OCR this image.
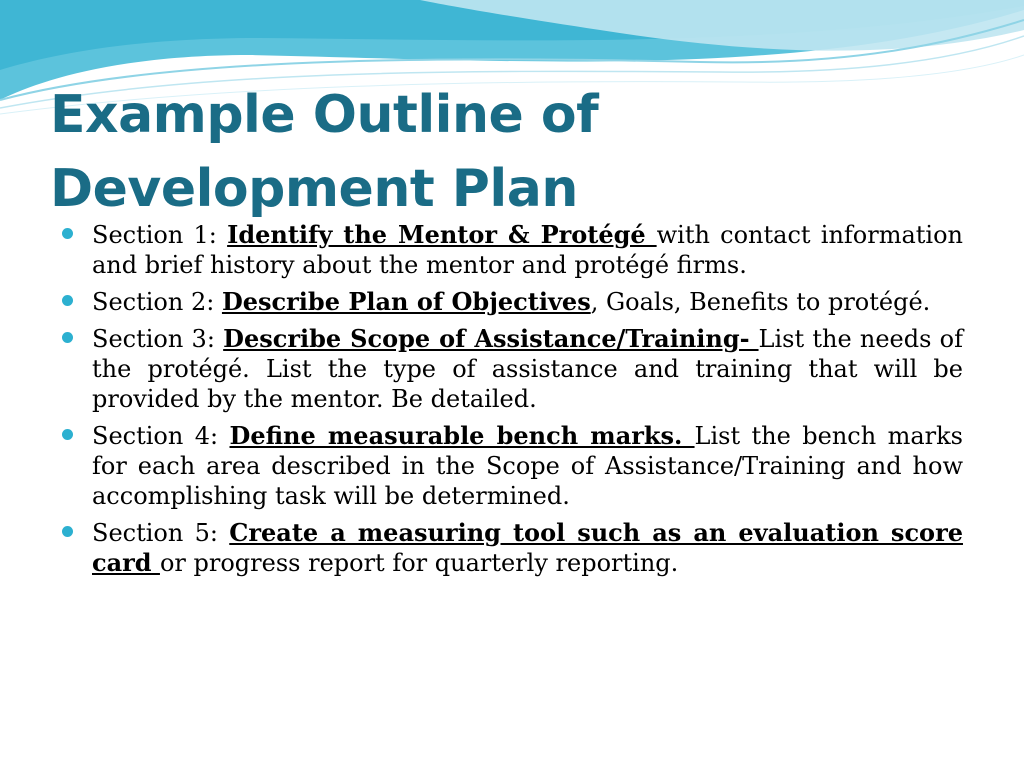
Example Outline of Development Plan
Section 1: Identify the Mentor & Protégé with contact information and brief history about the mentor and protégé firms.
Section 2: Describe Plan of Objectives, Goals, Benefits to protégé.
Section 3: Describe Scope of Assistance/Training- List the needs of the protégé. List the type of assistance and training that will be provided by the mentor. Be detailed.
Section 4: Define measurable bench marks. List the bench marks for each area described in the Scope of Assistance/Training and how accomplishing task will be determined.
Section 5: Create a measuring tool such as an evaluation score card or progress report for quarterly reporting.
